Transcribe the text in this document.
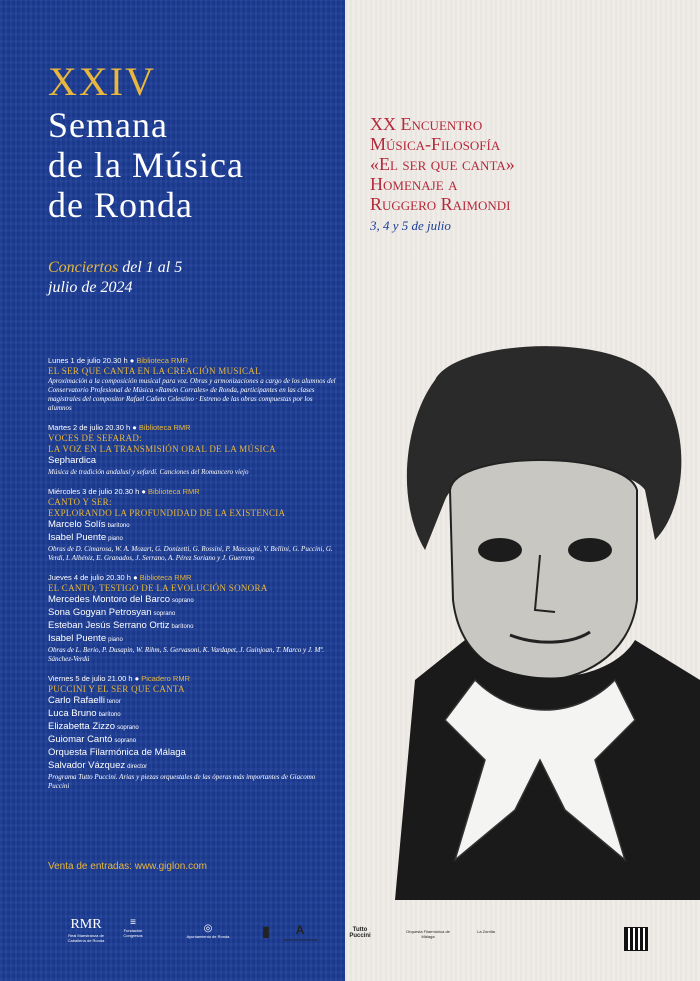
XXIV
Semana
de la Música
de Ronda
Conciertos del 1 al 5
julio de 2024
Lunes 1 de julio 20.30 h ● Biblioteca RMR
EL SER QUE CANTA EN LA CREACIÓN MUSICAL
Aproximación a la composición musical para voz. Obras y armonizaciones a cargo de los alumnos del Conservatorio Profesional de Música «Ramón Corrales» de Ronda, participantes en las clases magistrales del compositor Rafael Cañete Celestino · Estreno de las obras compuestas por los alumnos
Martes 2 de julio 20.30 h ● Biblioteca RMR
VOCES DE SEFARAD:
LA VOZ EN LA TRANSMISIÓN ORAL DE LA MÚSICA
Sephardica
Música de tradición andalusí y sefardí. Canciones del Romancero viejo
Miércoles 3 de julio 20.30 h ● Biblioteca RMR
CANTO Y SER:
EXPLORANDO LA PROFUNDIDAD DE LA EXISTENCIA
Marcelo Solís barítono
Isabel Puente piano
Obras de D. Cimarosa, W. A. Mozart, G. Donizetti, G. Rossini, P. Mascagni, V. Bellini, G. Puccini, G. Verdi, I. Albéniz, E. Granados, J. Serrano, A. Pérez Soriano y J. Guerrero
Jueves 4 de julio 20.30 h ● Biblioteca RMR
EL CANTO, TESTIGO DE LA EVOLUCIÓN SONORA
Mercedes Montoro del Barco soprano
Sona Gogyan Petrosyan soprano
Esteban Jesús Serrano Ortiz barítono
Isabel Puente piano
Obras de L. Berio, P. Dusapin, W. Rihm, S. Gervasoni, K. Vardapet, J. Guinjoan, T. Marco y J. Mª. Sánchez-Verdú
Viernes 5 de julio 21.00 h ● Picadero RMR
PUCCINI Y EL SER QUE CANTA
Carlo Rafaelli tenor
Luca Bruno barítono
Elizabetta Zizzo soprano
Guiomar Cantó soprano
Orquesta Filarmónica de Málaga
Salvador Vázquez director
Programa Tutto Puccini. Arias y piezas orquestales de las óperas más importantes de Giacomo Puccini
Venta de entradas: www.giglon.com
XX Encuentro
Música-Filosofía
«El ser que canta»
Homenaje a
Ruggero Raimondi
3, 4 y 5 de julio
RMR
Real Maestranza de Caballería de Ronda
≡
Fundación Congresos
◎
Ayuntamiento de Ronda ▮	A
Junta de Andalucía
Tutto Puccini
Orquesta Filarmónica de Málaga
La Zorrilla
